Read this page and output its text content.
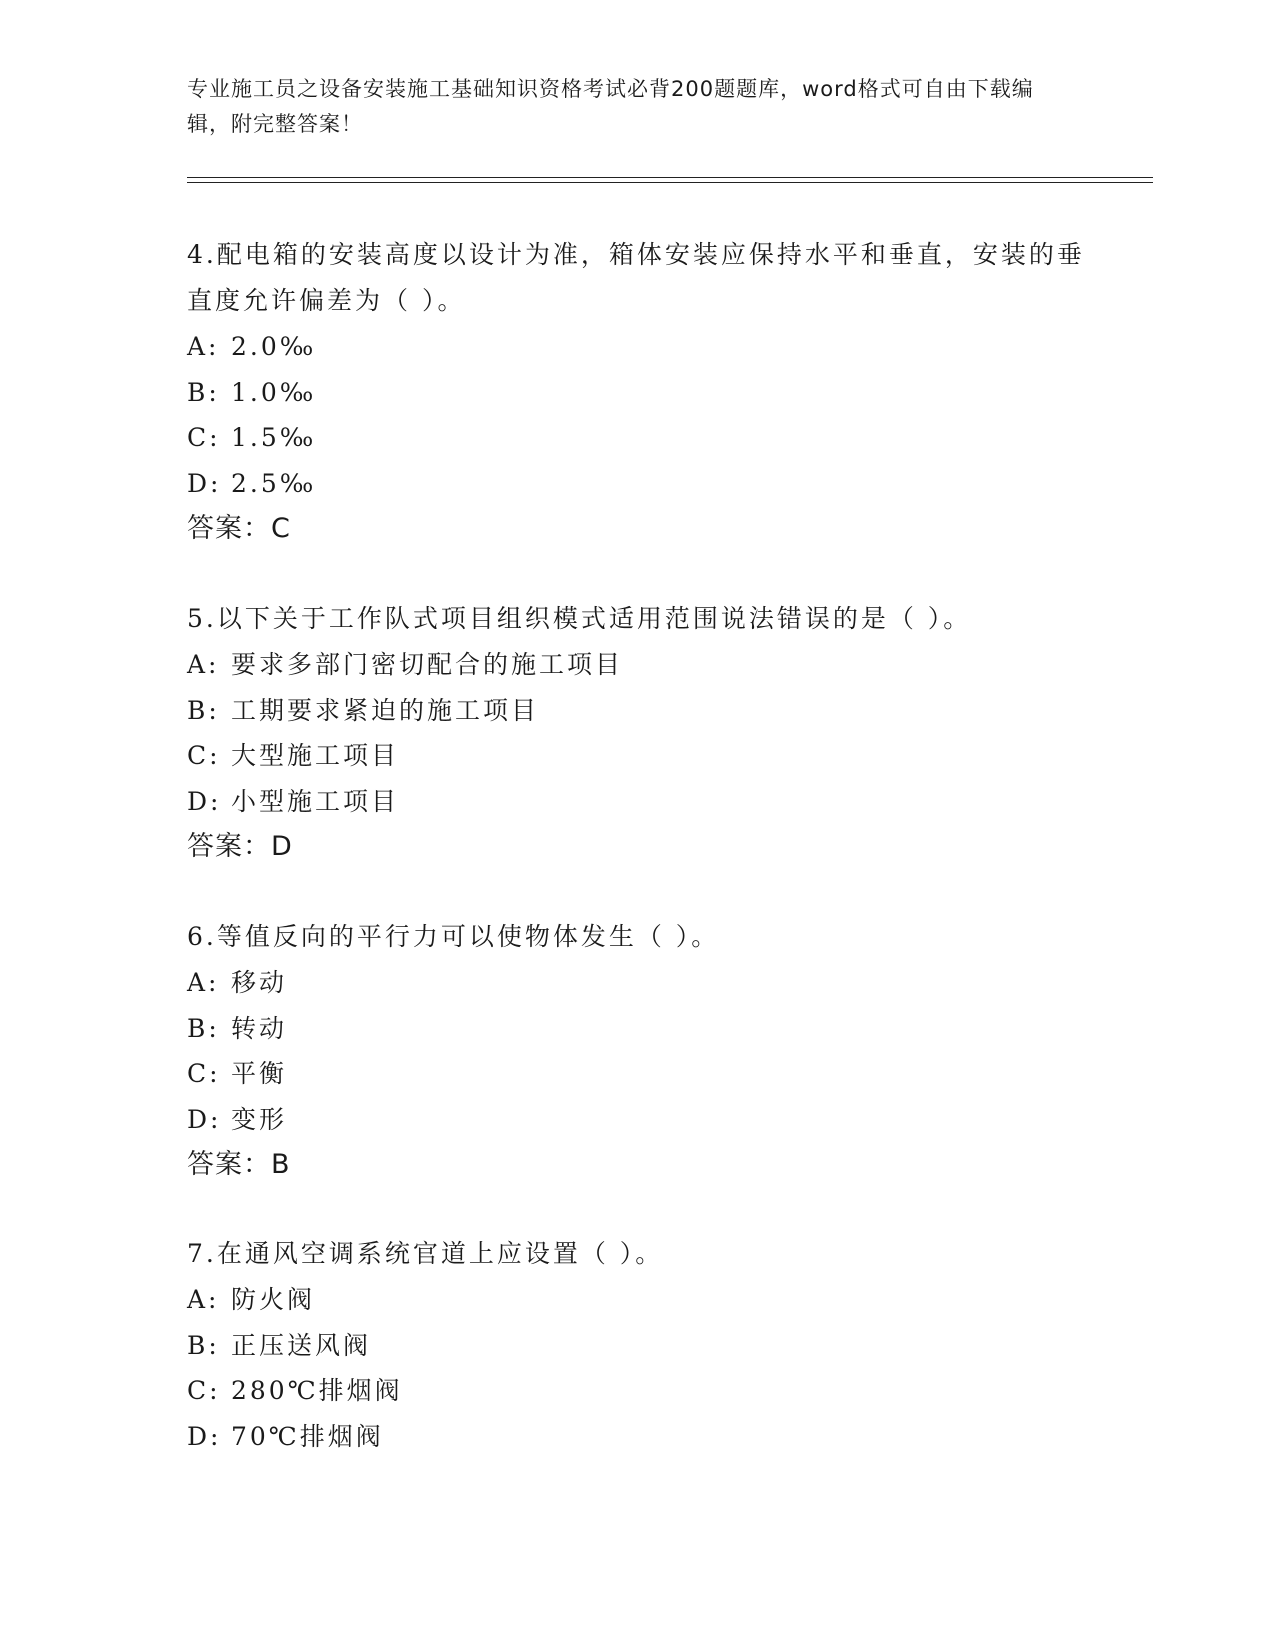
专业施工员之设备安装施工基础知识资格考试必背200题题库，word格式可自由下载编辑，附完整答案！

4.配电箱的安装高度以设计为准，箱体安装应保持水平和垂直，安装的垂直度允许偏差为（ ）。

A: 2.0‰

B: 1.0‰

C: 1.5‰

D: 2.5‰

答案：C

5.以下关于工作队式项目组织模式适用范围说法错误的是（ ）。

A: 要求多部门密切配合的施工项目

B: 工期要求紧迫的施工项目

C: 大型施工项目

D: 小型施工项目

答案：D

6.等值反向的平行力可以使物体发生（ ）。

A: 移动

B: 转动

C: 平衡

D: 变形

答案：B

7.在通风空调系统官道上应设置（ ）。

A: 防火阀

B: 正压送风阀

C: 280℃排烟阀

D: 70℃排烟阀
